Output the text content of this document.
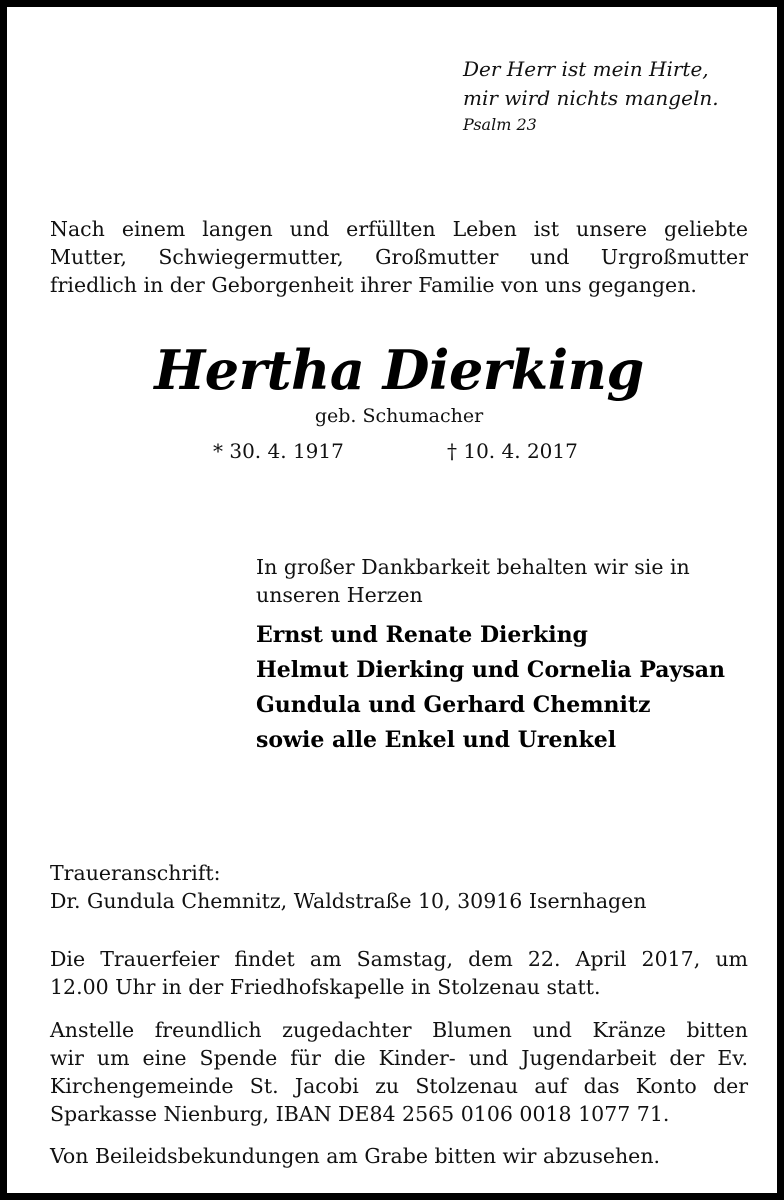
Der Herr ist mein Hirte,
mir wird nichts mangeln.
Psalm 23
Nach einem langen und erfüllten Leben ist unsere geliebte
Mutter, Schwiegermutter, Großmutter und Urgroßmutter
friedlich in der Geborgenheit ihrer Familie von uns gegangen.
Hertha Dierking
geb. Schumacher
* 30. 4. 1917	† 10. 4. 2017
In großer Dankbarkeit behalten wir sie in
unseren Herzen
Ernst und Renate Dierking
Helmut Dierking und Cornelia Paysan
Gundula und Gerhard Chemnitz
sowie alle Enkel und Urenkel
Traueranschrift:
Dr. Gundula Chemnitz, Waldstraße 10, 30916 Isernhagen
Die Trauerfeier findet am Samstag, dem 22. April 2017, um
12.00 Uhr in der Friedhofskapelle in Stolzenau statt.
Anstelle freundlich zugedachter Blumen und Kränze bitten
wir um eine Spende für die Kinder- und Jugendarbeit der Ev.
Kirchengemeinde St. Jacobi zu Stolzenau auf das Konto der
Sparkasse Nienburg, IBAN DE84 2565 0106 0018 1077 71.
Von Beileidsbekundungen am Grabe bitten wir abzusehen.
